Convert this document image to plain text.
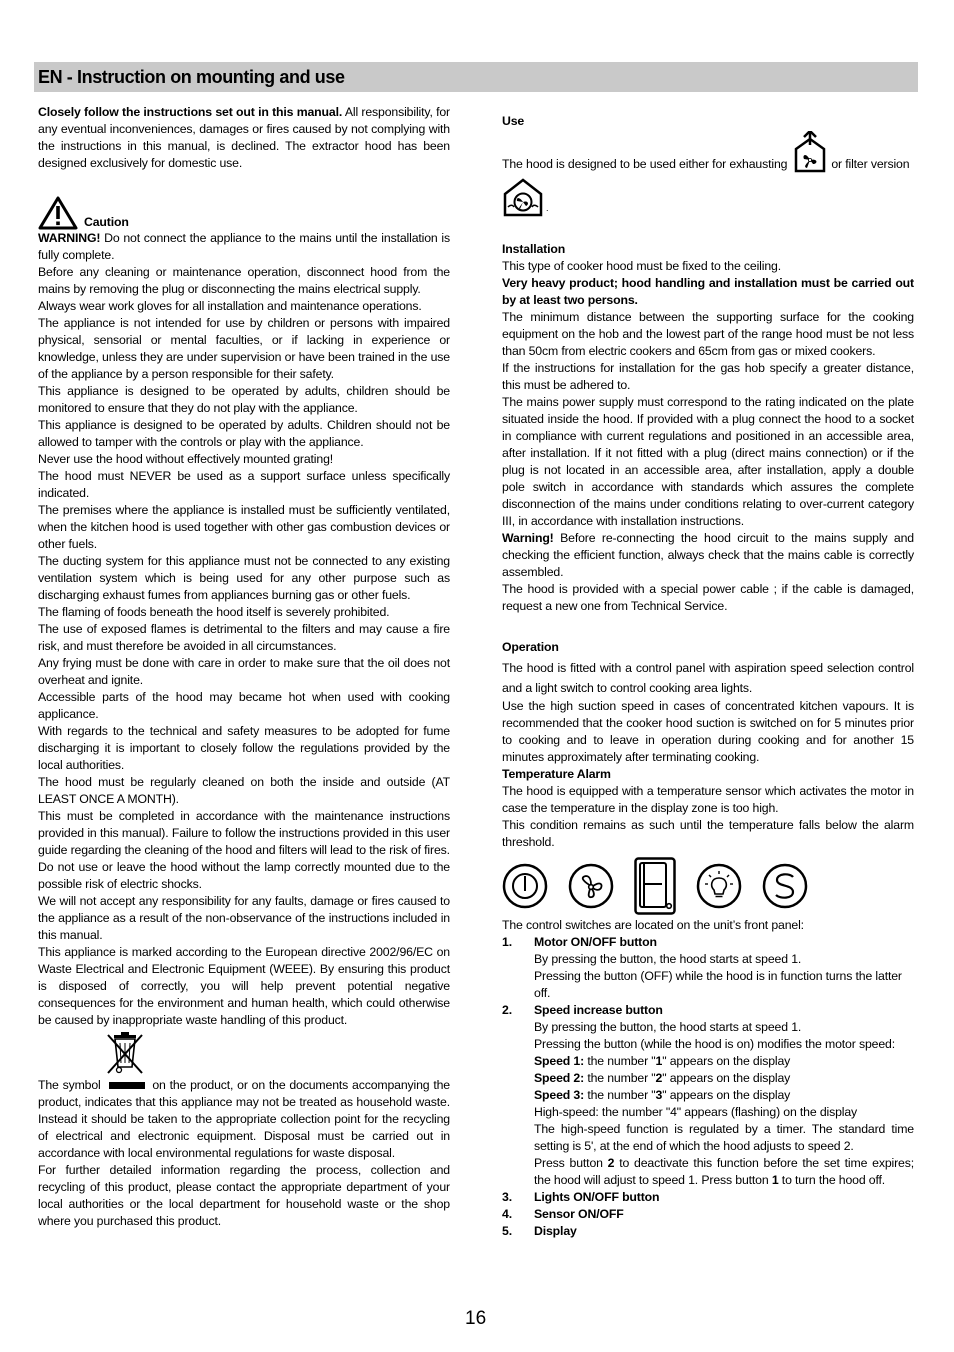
EN - Instruction on mounting and use

Closely follow the instructions set out in this manual. All responsibility, for any eventual inconveniences, damages or fires caused by not complying with the instructions in this manual, is declined. The extractor hood has been designed exclusively for domestic use.

Caution

WARNING! Do not connect the appliance to the mains until the installation is fully complete.

Before any cleaning or maintenance operation, disconnect hood from the mains by removing the plug or disconnecting the mains electrical supply.

Always wear work gloves for all installation and maintenance operations.

The appliance is not intended for use by children or persons with impaired physical, sensorial or mental faculties, or if lacking in experience or knowledge, unless they are under supervision or have been trained in the use of the appliance by a person responsible for their safety.

This appliance is designed to be operated by adults, children should be monitored to ensure that they do not play with the appliance.

This appliance is designed to be operated by adults. Children should not be allowed to tamper with the controls or play with the appliance.

Never use the hood without effectively mounted grating!

The hood must NEVER be used as a support surface unless specifically indicated.

The premises where the appliance is installed must be sufficiently ventilated, when the kitchen hood is used together with other gas combustion devices or other fuels.

The ducting system for this appliance must not be connected to any existing ventilation system which is being used for any other purpose such as discharging exhaust fumes from appliances burning gas or other fuels.

The flaming of foods beneath the hood itself is severely prohibited.

The use of exposed flames is detrimental to the filters and may cause a fire risk, and must therefore be avoided in all circumstances.

Any frying must be done with care in order to make sure that the oil does not overheat and ignite.

Accessible parts of the hood may became hot when used with cooking applicance.

With regards to the technical and safety measures to be adopted for fume discharging it is important to closely follow the regulations provided by the local authorities.

The hood must be regularly cleaned on both the inside and outside (AT LEAST ONCE A MONTH).

This must be completed in accordance with the maintenance instructions provided in this manual). Failure to follow the instructions provided in this user guide regarding the cleaning of the hood and filters will lead to the risk of fires.

Do not use or leave the hood without the lamp correctly mounted due to the possible risk of electric shocks.

We will not accept any responsibility for any faults, damage or fires caused to the appliance as a result of the non-observance of the instructions included in this manual.

This appliance is marked according to the European directive 2002/96/EC on Waste Electrical and Electronic Equipment (WEEE). By ensuring this product is disposed of correctly, you will help prevent potential negative consequences for the environment and human health, which could otherwise be caused by inappropriate waste handling of this product.

The symbol	on the product, or on the documents accompanying the product, indicates that this appliance may not be treated as household waste. Instead it should be taken to the appropriate collection point for the recycling of electrical and electronic equipment. Disposal must be carried out in accordance with local environmental regulations for waste disposal.

For further detailed information regarding the process, collection and recycling of this product, please contact the appropriate department of your local authorities or the local department for household waste or the shop where you purchased this product.

Use

The hood is designed to be used either for exhausting	or filter version
.

Installation

This type of cooker hood must be fixed to the ceiling.

Very heavy product; hood handling and installation must be carried out by at least two persons.

The minimum distance between the supporting surface for the cooking equipment on the hob and the lowest part of the range hood must be not less than 50cm from electric cookers and 65cm from gas or mixed cookers.

If the instructions for installation for the gas hob specify a greater distance, this must be adhered to.

The mains power supply must correspond to the rating indicated on the plate situated inside the hood. If provided with a plug connect the hood to a socket in compliance with current regulations and positioned in an accessible area, after installation. If it not fitted with a plug (direct mains connection) or if the plug is not located in an accessible area, after installation, apply a double pole switch in accordance with standards which assures the complete disconnection of the mains under conditions relating to over-current category III, in accordance with installation instructions.

Warning! Before re-connecting the hood circuit to the mains supply and checking the efficient function, always check that the mains cable is correctly assembled.

The hood is provided with a special power cable ; if the cable is damaged, request a new one from Technical Service.

Operation

The hood is fitted with a control panel with aspiration speed selection control and a light switch to control cooking area lights.

Use the high suction speed in cases of concentrated kitchen vapours. It is recommended that the cooker hood suction is switched on for 5 minutes prior to cooking and to leave in operation during cooking and for another 15 minutes approximately after terminating cooking.

Temperature Alarm

The hood is equipped with a temperature sensor which activates the motor in case the temperature in the display zone is too high.

This condition remains as such until the temperature falls below the alarm threshold.

The control switches are located on the unit’s front panel:

1. Motor ON/OFF button

By pressing the button, the hood starts at speed 1.

Pressing the button (OFF) while the hood is in function turns the latter off.

2. Speed increase button

By pressing the button, the hood starts at speed 1.

Pressing the button (while the hood is on) modifies the motor speed:

Speed 1: the number "1" appears on the display

Speed 2: the number "2" appears on the display

Speed 3: the number "3" appears on the display

High-speed: the number "4" appears (flashing) on the display

The high-speed function is regulated by a timer. The standard time setting is 5', at the end of which the hood adjusts to speed 2.

Press button 2 to deactivate this function before the set time expires; the hood will adjust to speed 1. Press button 1 to turn the hood off.

3. Lights ON/OFF button
4. Sensor ON/OFF
5. Display
16
